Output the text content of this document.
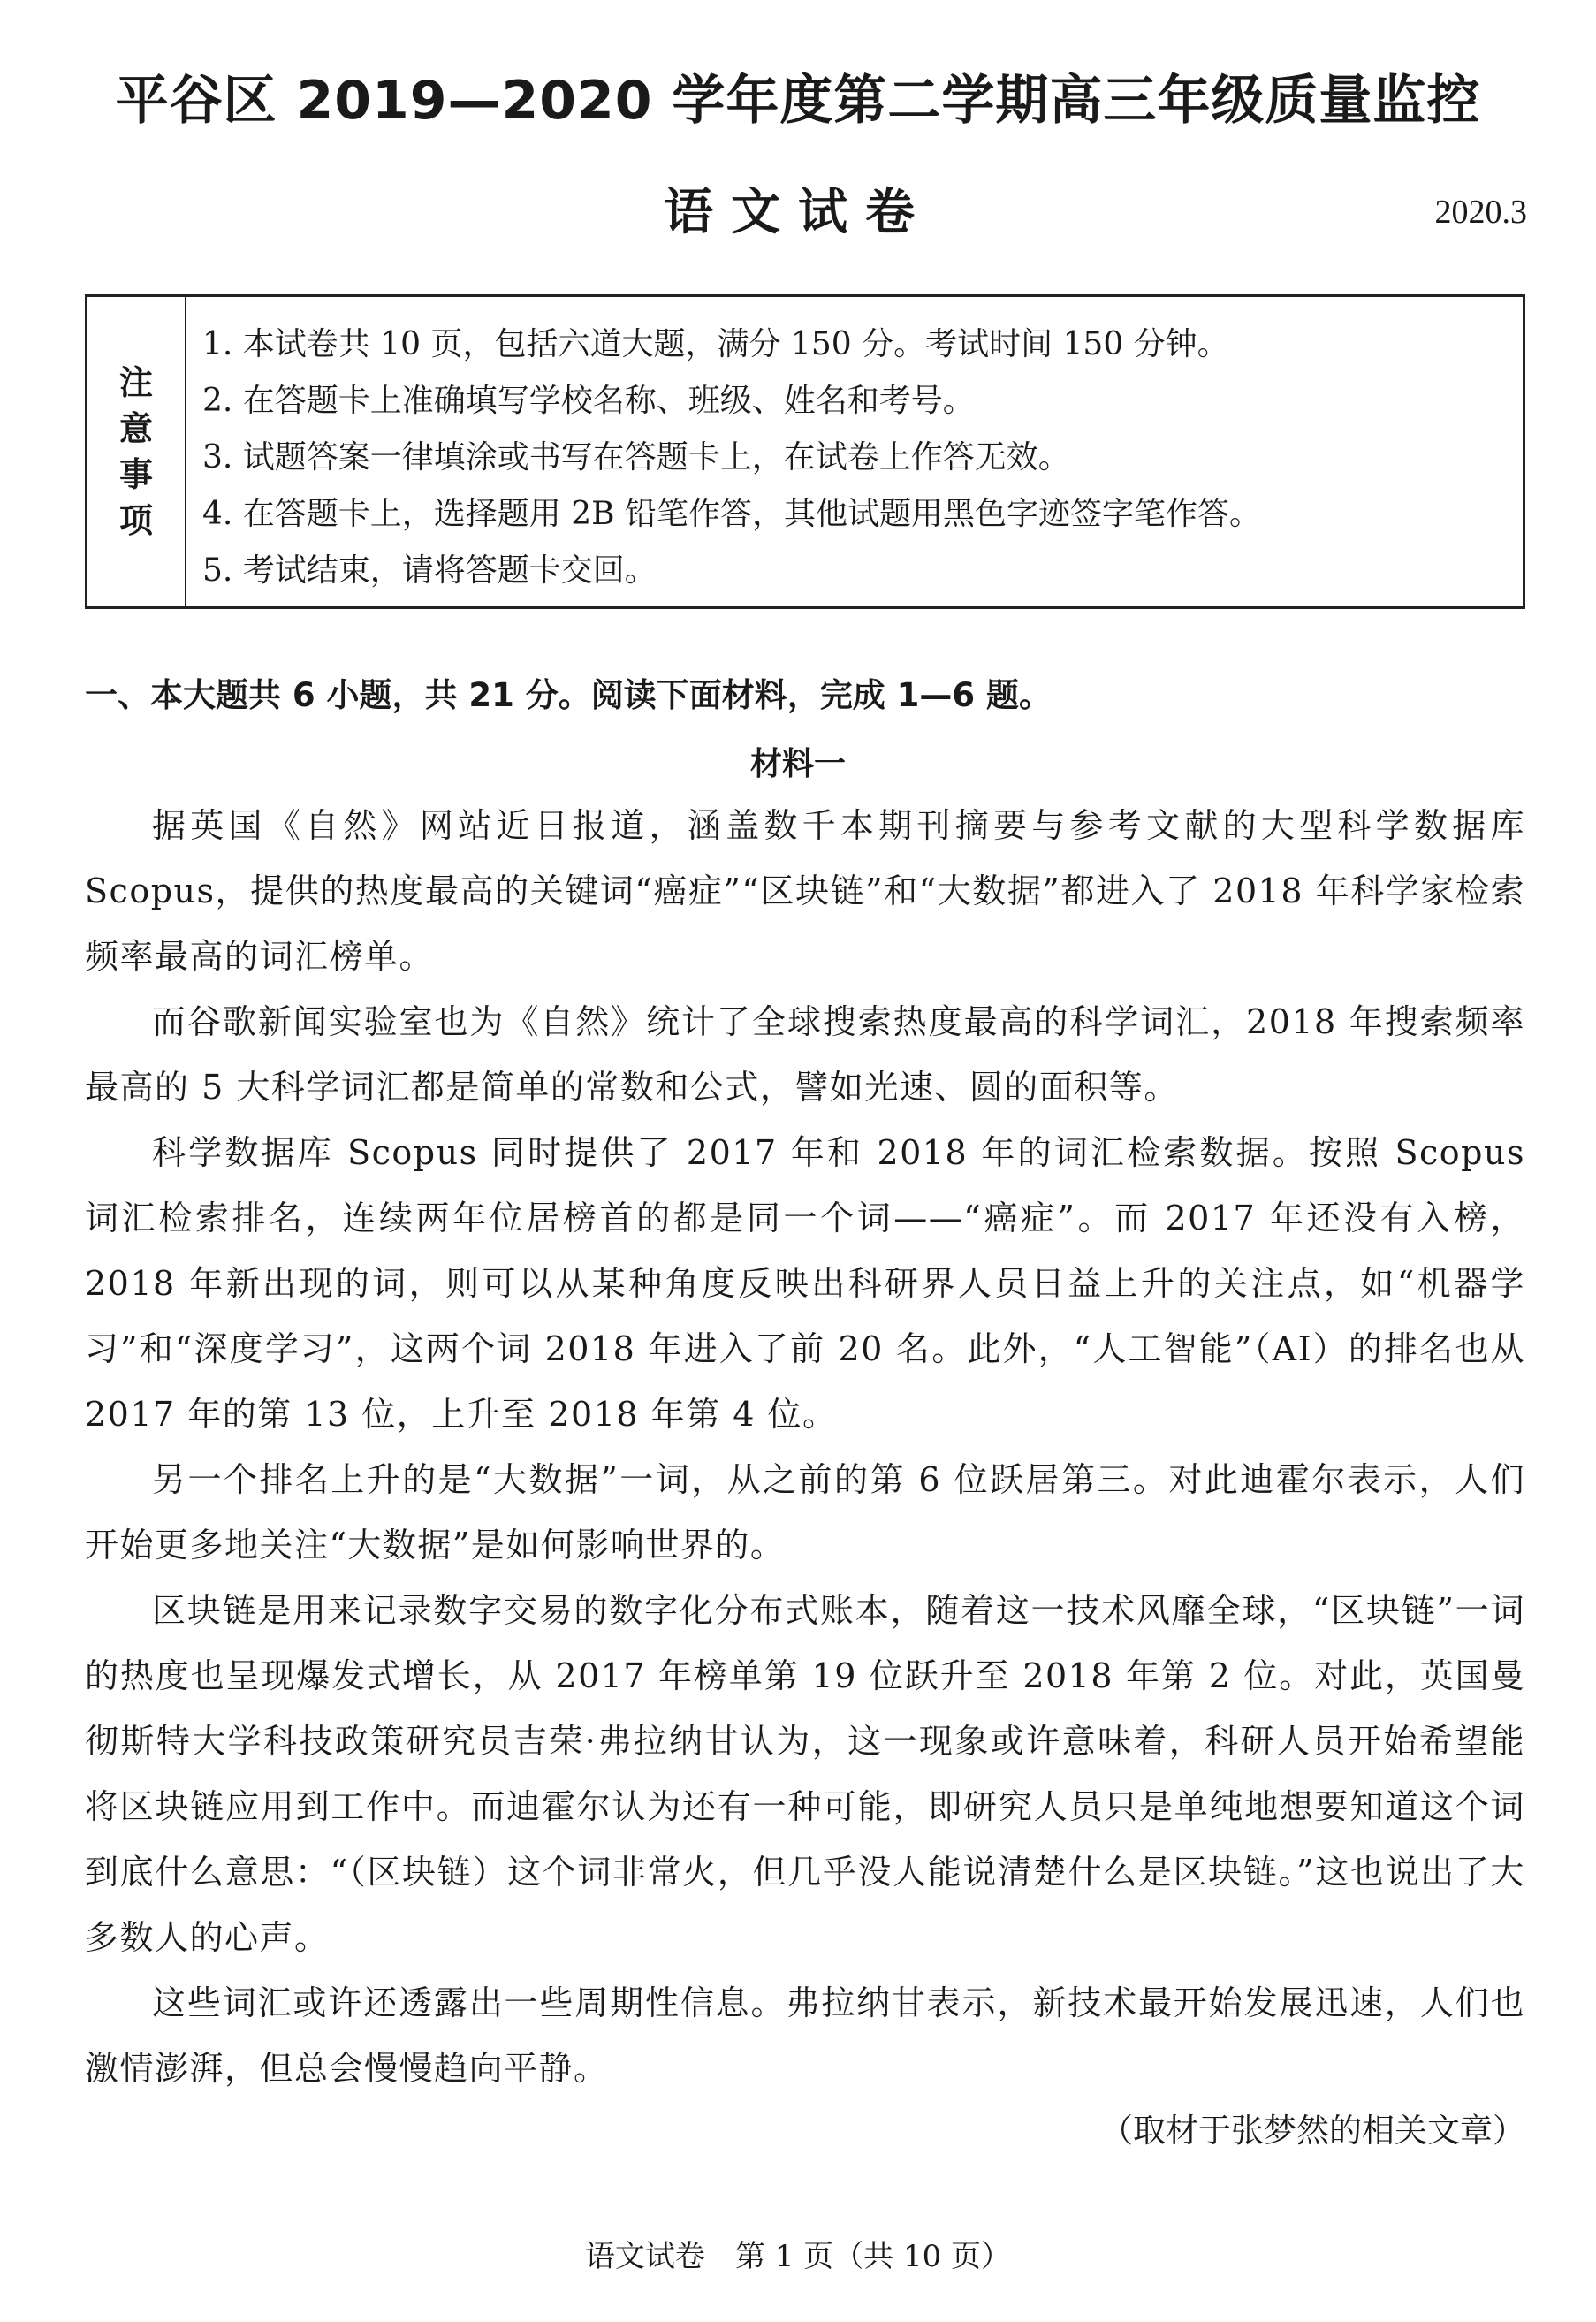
平谷区 2019—2020 学年度第二学期高三年级质量监控
语文试卷	2020.3
注
意
事
项
1. 本试卷共 10 页，包括六道大题，满分 150 分。考试时间 150 分钟。
2. 在答题卡上准确填写学校名称、班级、姓名和考号。
3. 试题答案一律填涂或书写在答题卡上，在试卷上作答无效。
4. 在答题卡上，选择题用 2B 铅笔作答，其他试题用黑色字迹签字笔作答。
5. 考试结束，请将答题卡交回。
一、本大题共 6 小题，共 21 分。阅读下面材料，完成 1—6 题。
材料一

据英国《自然》网站近日报道，涵盖数千本期刊摘要与参考文献的大型科学数据库 Scopus，提供的热度最高的关键词“癌症”“区块链”和“大数据”都进入了 2018 年科学家检索频率最高的词汇榜单。

而谷歌新闻实验室也为《自然》统计了全球搜索热度最高的科学词汇，2018 年搜索频率最高的 5 大科学词汇都是简单的常数和公式，譬如光速、圆的面积等。

科学数据库 Scopus 同时提供了 2017 年和 2018 年的词汇检索数据。按照 Scopus 词汇检索排名，连续两年位居榜首的都是同一个词——“癌症”。而 2017 年还没有入榜，2018 年新出现的词，则可以从某种角度反映出科研界人员日益上升的关注点，如“机器学习”和“深度学习”，这两个词 2018 年进入了前 20 名。此外，“人工智能”（AI）的排名也从 2017 年的第 13 位，上升至 2018 年第 4 位。

另一个排名上升的是“大数据”一词，从之前的第 6 位跃居第三。对此迪霍尔表示，人们开始更多地关注“大数据”是如何影响世界的。

区块链是用来记录数字交易的数字化分布式账本，随着这一技术风靡全球，“区块链”一词的热度也呈现爆发式增长，从 2017 年榜单第 19 位跃升至 2018 年第 2 位。对此，英国曼彻斯特大学科技政策研究员吉荣·弗拉纳甘认为，这一现象或许意味着，科研人员开始希望能将区块链应用到工作中。而迪霍尔认为还有一种可能，即研究人员只是单纯地想要知道这个词到底什么意思：“（区块链）这个词非常火，但几乎没人能说清楚什么是区块链。”这也说出了大多数人的心声。

这些词汇或许还透露出一些周期性信息。弗拉纳甘表示，新技术最开始发展迅速，人们也激情澎湃，但总会慢慢趋向平静。

（取材于张梦然的相关文章）
语文试卷　第 1 页（共 10 页）
